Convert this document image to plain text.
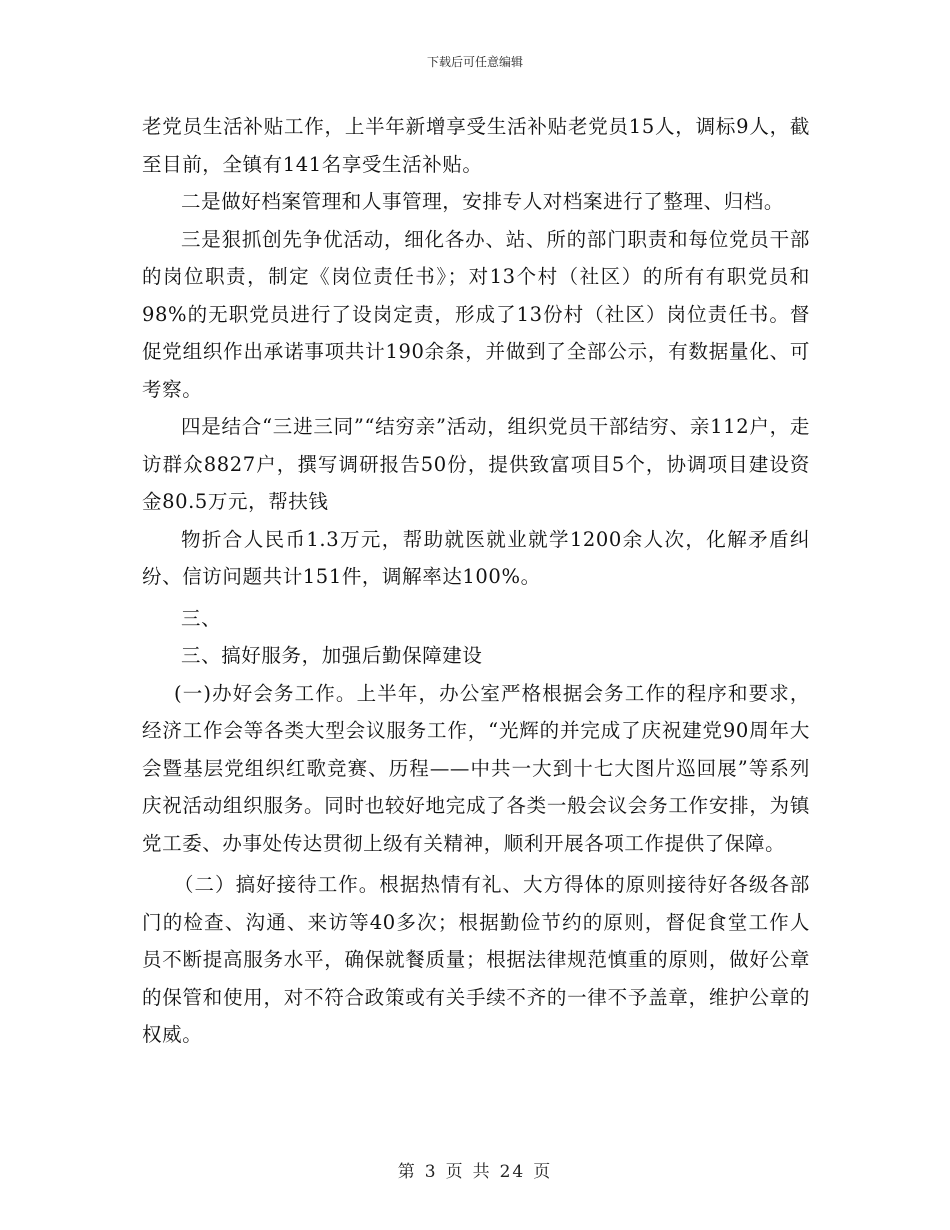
下载后可任意编辑

老党员生活补贴工作，上半年新增享受生活补贴老党员15人，调标9人，截至目前，全镇有141名享受生活补贴。

二是做好档案管理和人事管理，安排专人对档案进行了整理、归档。

三是狠抓创先争优活动，细化各办、站、所的部门职责和每位党员干部的岗位职责，制定《岗位责任书》；对13个村（社区）的所有有职党员和98%的无职党员进行了设岗定责，形成了13份村（社区）岗位责任书。督促党组织作出承诺事项共计190余条，并做到了全部公示，有数据量化、可考察。

四是结合“三进三同”“结穷亲”活动，组织党员干部结穷、亲112户，走访群众8827户，撰写调研报告50份，提供致富项目5个，协调项目建设资金80.5万元，帮扶钱

物折合人民币1.3万元，帮助就医就业就学1200余人次，化解矛盾纠纷、信访问题共计151件，调解率达100%。

三、

三、搞好服务，加强后勤保障建设

(一)办好会务工作。上半年，办公室严格根据会务工作的程序和要求，经济工作会等各类大型会议服务工作，“光辉的并完成了庆祝建党90周年大会暨基层党组织红歌竞赛、历程——中共一大到十七大图片巡回展”等系列庆祝活动组织服务。同时也较好地完成了各类一般会议会务工作安排，为镇党工委、办事处传达贯彻上级有关精神，顺利开展各项工作提供了保障。

（二）搞好接待工作。根据热情有礼、大方得体的原则接待好各级各部门的检查、沟通、来访等40多次；根据勤俭节约的原则，督促食堂工作人员不断提高服务水平，确保就餐质量；根据法律规范慎重的原则，做好公章的保管和使用，对不符合政策或有关手续不齐的一律不予盖章，维护公章的权威。

第 3 页 共 24 页
